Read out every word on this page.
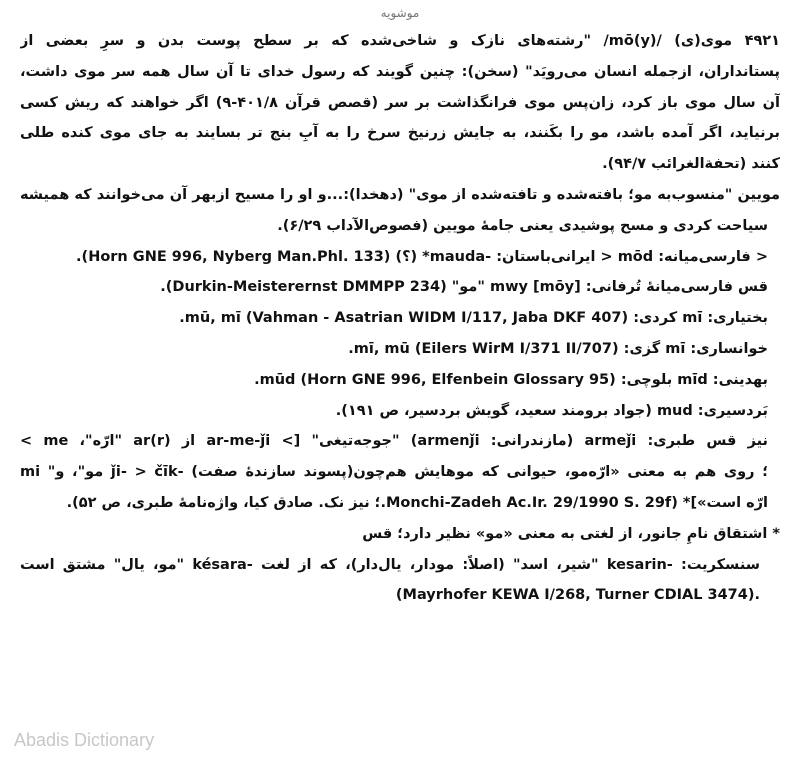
موشویه
۴۹۲۱ موی(ی) /mō(y)/ "رشته‌های نازک و شاخی‌شده که بر سطح پوست بدن و سرِ بعضی از
پستانداران، ازجمله انسان می‌رویَد" (سخن): چنین گویند که رسول خدای تا آن سال همه سر موی داشت،
آن سال موی باز کرد، زان‌پس موی فرانگذاشت بر سر (قصص قرآن ۴۰۱/۸-۹) اگر خواهند که ریش کسی
برنیاید، اگر آمده باشد، مو را بکَنند، به جایش زرنیخ سرخ را به آبِ بنج تر بسایند به جای موی کنده طلی
کنند (تحفة‌الغرائب ۹۴/۷).
مویین "منسوب‌به مو؛ بافته‌شده و تافته‌شده از موی" (دهخدا):...و او را مسیح ازبهر آن می‌خوانند که همیشه
سیاحت کردی و مسح پوشیدی یعنی جامهٔ مویین (فصوص‌الآداب ۶/۲۹).
< فارسی‌میانه: mōd < ایرانی‌باستان: -mauda* (؟) (Horn GNE 996, Nyberg Man.Phl. 133).
قس فارسی‌میانهٔ تُرفانی: mwy [mōy] "مو" (Durkin-Meisterernst DMMPP 234).
بختیاری: mī کردی: mū, mī (Vahman - Asatrian WIDM I/117, Jaba DKF 407).
خوانساری: mī گزی: mī, mū (Eilers WirM I/371 II/707).
بهدینی: mīd بلوچی: mūd (Horn GNE 996, Elfenbein Glossary 95).
بَردسیری: mud (جواد برومند سعید، گویش بردسیر، ص ۱۹۱).
نیز قس طبری: armeǰi (مازندرانی: armenǰi) "جوجه‌تیغی" [> ar-me-ǰi از ar(r) "ارّه"، me >
mi "مو"، و ǰi- > čīk- (پسوند سازندهٔ صفت)؛ روی هم به معنی «ارّه‌مو، حیوانی که موهایش هم‌چون
ارّه است»]* (Monchi-Zadeh Ac.Ir. 29/1990 S. 29f.؛ نیز نک. صادق کیا، واژه‌نامهٔ طبری، ص ۵۲).
* اشتقاق نامِ جانور، از لغتی به معنی «مو» نظیر دارد؛ قس
سنسکریت: -kesarin "شیر، اسد" (اصلاً: مودار، یال‌دار)، که از لغت -késara "مو، یال" مشتق است
(Mayrhofer KEWA I/268, Turner CDIAL 3474).
Abadis Dictionary
